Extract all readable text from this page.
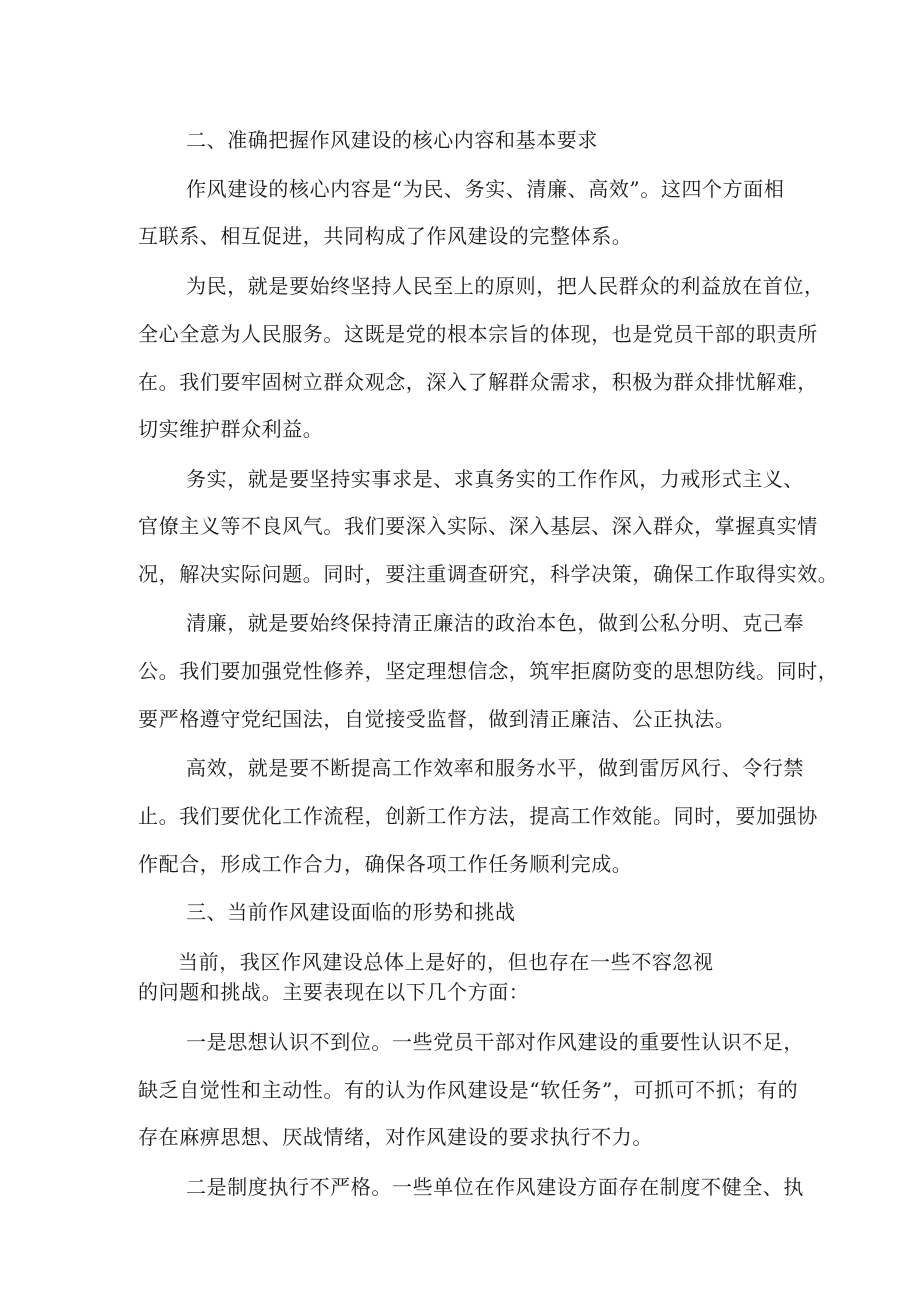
二、准确把握作风建设的核心内容和基本要求

作风建设的核心内容是“为民、务实、清廉、高效”。这四个方面相

互联系、相互促进，共同构成了作风建设的完整体系。

为民，就是要始终坚持人民至上的原则，把人民群众的利益放在首位，

全心全意为人民服务。这既是党的根本宗旨的体现，也是党员干部的职责所

在。我们要牢固树立群众观念，深入了解群众需求，积极为群众排忧解难，

切实维护群众利益。

务实，就是要坚持实事求是、求真务实的工作作风，力戒形式主义、

官僚主义等不良风气。我们要深入实际、深入基层、深入群众，掌握真实情

况，解决实际问题。同时，要注重调查研究，科学决策，确保工作取得实效。

清廉，就是要始终保持清正廉洁的政治本色，做到公私分明、克己奉

公。我们要加强党性修养，坚定理想信念，筑牢拒腐防变的思想防线。同时，

要严格遵守党纪国法，自觉接受监督，做到清正廉洁、公正执法。

高效，就是要不断提高工作效率和服务水平，做到雷厉风行、令行禁

止。我们要优化工作流程，创新工作方法，提高工作效能。同时，要加强协

作配合，形成工作合力，确保各项工作任务顺利完成。

三、当前作风建设面临的形势和挑战

当前，我区作风建设总体上是好的，但也存在一些不容忽视

的问题和挑战。主要表现在以下几个方面：

一是思想认识不到位。一些党员干部对作风建设的重要性认识不足，

缺乏自觉性和主动性。有的认为作风建设是“软任务”，可抓可不抓；有的

存在麻痹思想、厌战情绪，对作风建设的要求执行不力。

二是制度执行不严格。一些单位在作风建设方面存在制度不健全、执
